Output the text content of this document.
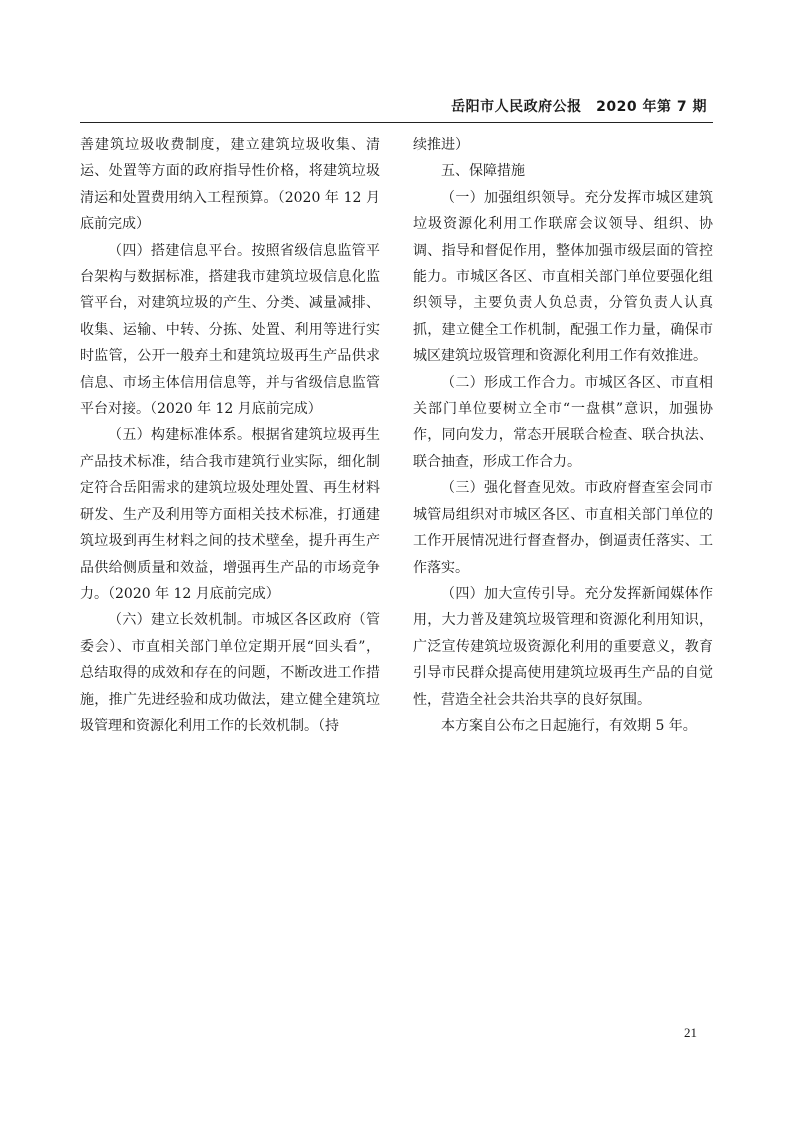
岳阳市人民政府公报　2020 年第 7 期

善建筑垃圾收费制度，建立建筑垃圾收集、清运、处置等方面的政府指导性价格，将建筑垃圾清运和处置费用纳入工程预算。（2020 年 12 月底前完成）

（四）搭建信息平台。按照省级信息监管平台架构与数据标准，搭建我市建筑垃圾信息化监管平台，对建筑垃圾的产生、分类、减量减排、收集、运输、中转、分拣、处置、利用等进行实时监管，公开一般弃土和建筑垃圾再生产品供求信息、市场主体信用信息等，并与省级信息监管平台对接。（2020 年 12 月底前完成）

（五）构建标准体系。根据省建筑垃圾再生产品技术标准，结合我市建筑行业实际，细化制定符合岳阳需求的建筑垃圾处理处置、再生材料研发、生产及利用等方面相关技术标准，打通建筑垃圾到再生材料之间的技术壁垒，提升再生产品供给侧质量和效益，增强再生产品的市场竞争力。（2020 年 12 月底前完成）

（六）建立长效机制。市城区各区政府（管委会）、市直相关部门单位定期开展“回头看”，总结取得的成效和存在的问题，不断改进工作措施，推广先进经验和成功做法，建立健全建筑垃圾管理和资源化利用工作的长效机制。（持

续推进）

五、保障措施

（一）加强组织领导。充分发挥市城区建筑垃圾资源化利用工作联席会议领导、组织、协调、指导和督促作用，整体加强市级层面的管控能力。市城区各区、市直相关部门单位要强化组织领导，主要负责人负总责，分管负责人认真抓，建立健全工作机制，配强工作力量，确保市城区建筑垃圾管理和资源化利用工作有效推进。

（二）形成工作合力。市城区各区、市直相关部门单位要树立全市“一盘棋”意识，加强协作，同向发力，常态开展联合检查、联合执法、联合抽查，形成工作合力。

（三）强化督查见效。市政府督查室会同市城管局组织对市城区各区、市直相关部门单位的工作开展情况进行督查督办，倒逼责任落实、工作落实。

（四）加大宣传引导。充分发挥新闻媒体作用，大力普及建筑垃圾管理和资源化利用知识，广泛宣传建筑垃圾资源化利用的重要意义，教育引导市民群众提高使用建筑垃圾再生产品的自觉性，营造全社会共治共享的良好氛围。

本方案自公布之日起施行，有效期 5 年。

21
